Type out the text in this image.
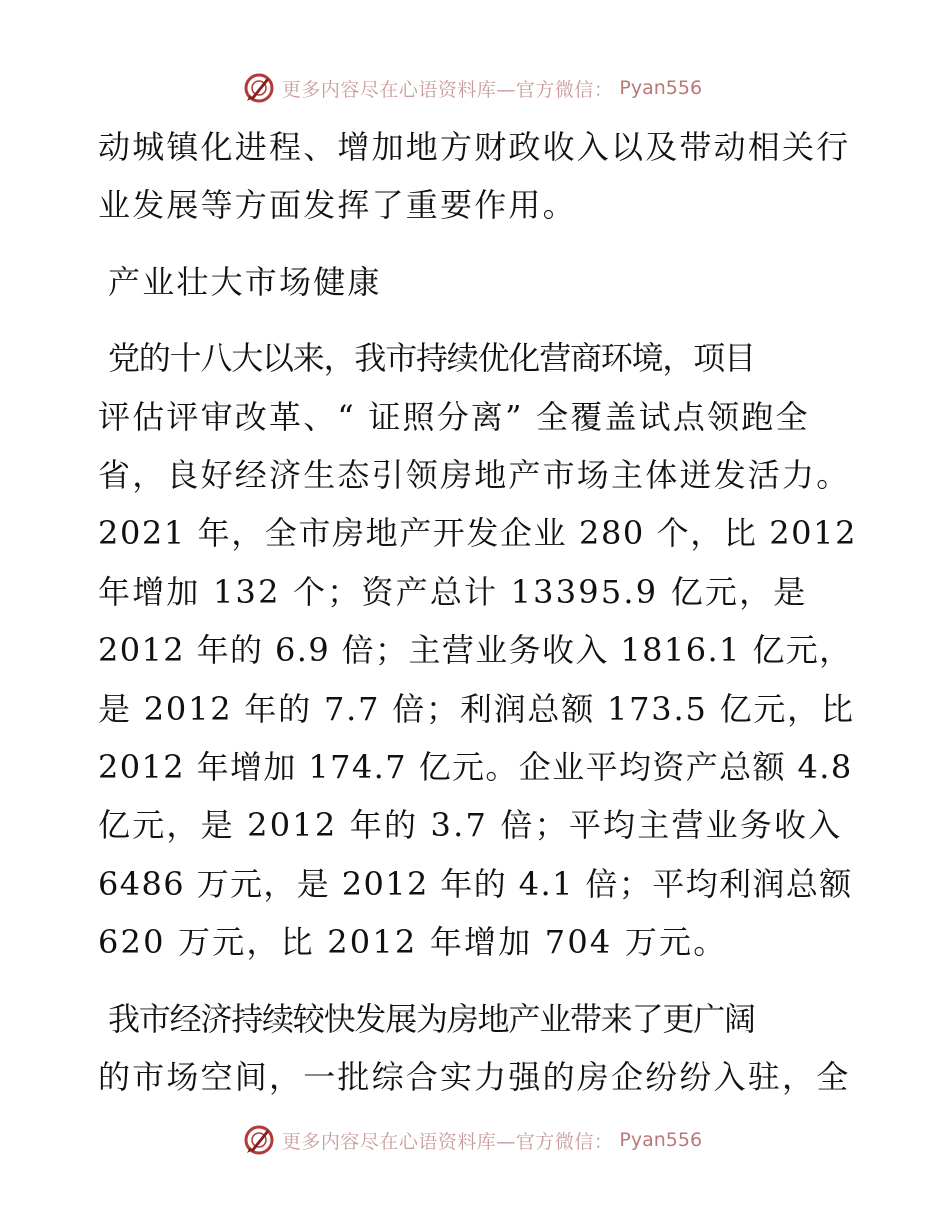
更多内容尽在心语资料库—官方微信： Pyan556

动城镇化进程、增加地方财政收入以及带动相关行
业发展等方面发挥了重要作用。

产业壮大市场健康

党的十八大以来，我市持续优化营商环境，项目
评估评审改革、“ 证照分离” 全覆盖试点领跑全
省，良好经济生态引领房地产市场主体迸发活力。
2021 年，全市房地产开发企业 280 个，比 2012
年增加 132 个；资产总计 13395.9 亿元，是
2012 年的 6.9 倍；主营业务收入 1816.1 亿元，
是 2012 年的 7.7 倍；利润总额 173.5 亿元，比
2012 年增加 174.7 亿元。企业平均资产总额 4.8
亿元，是 2012 年的 3.7 倍；平均主营业务收入
6486 万元，是 2012 年的 4.1 倍；平均利润总额
620 万元，比 2012 年增加 704 万元。

我市经济持续较快发展为房地产业带来了更广阔
的市场空间，一批综合实力强的房企纷纷入驻，全

更多内容尽在心语资料库—官方微信： Pyan556
